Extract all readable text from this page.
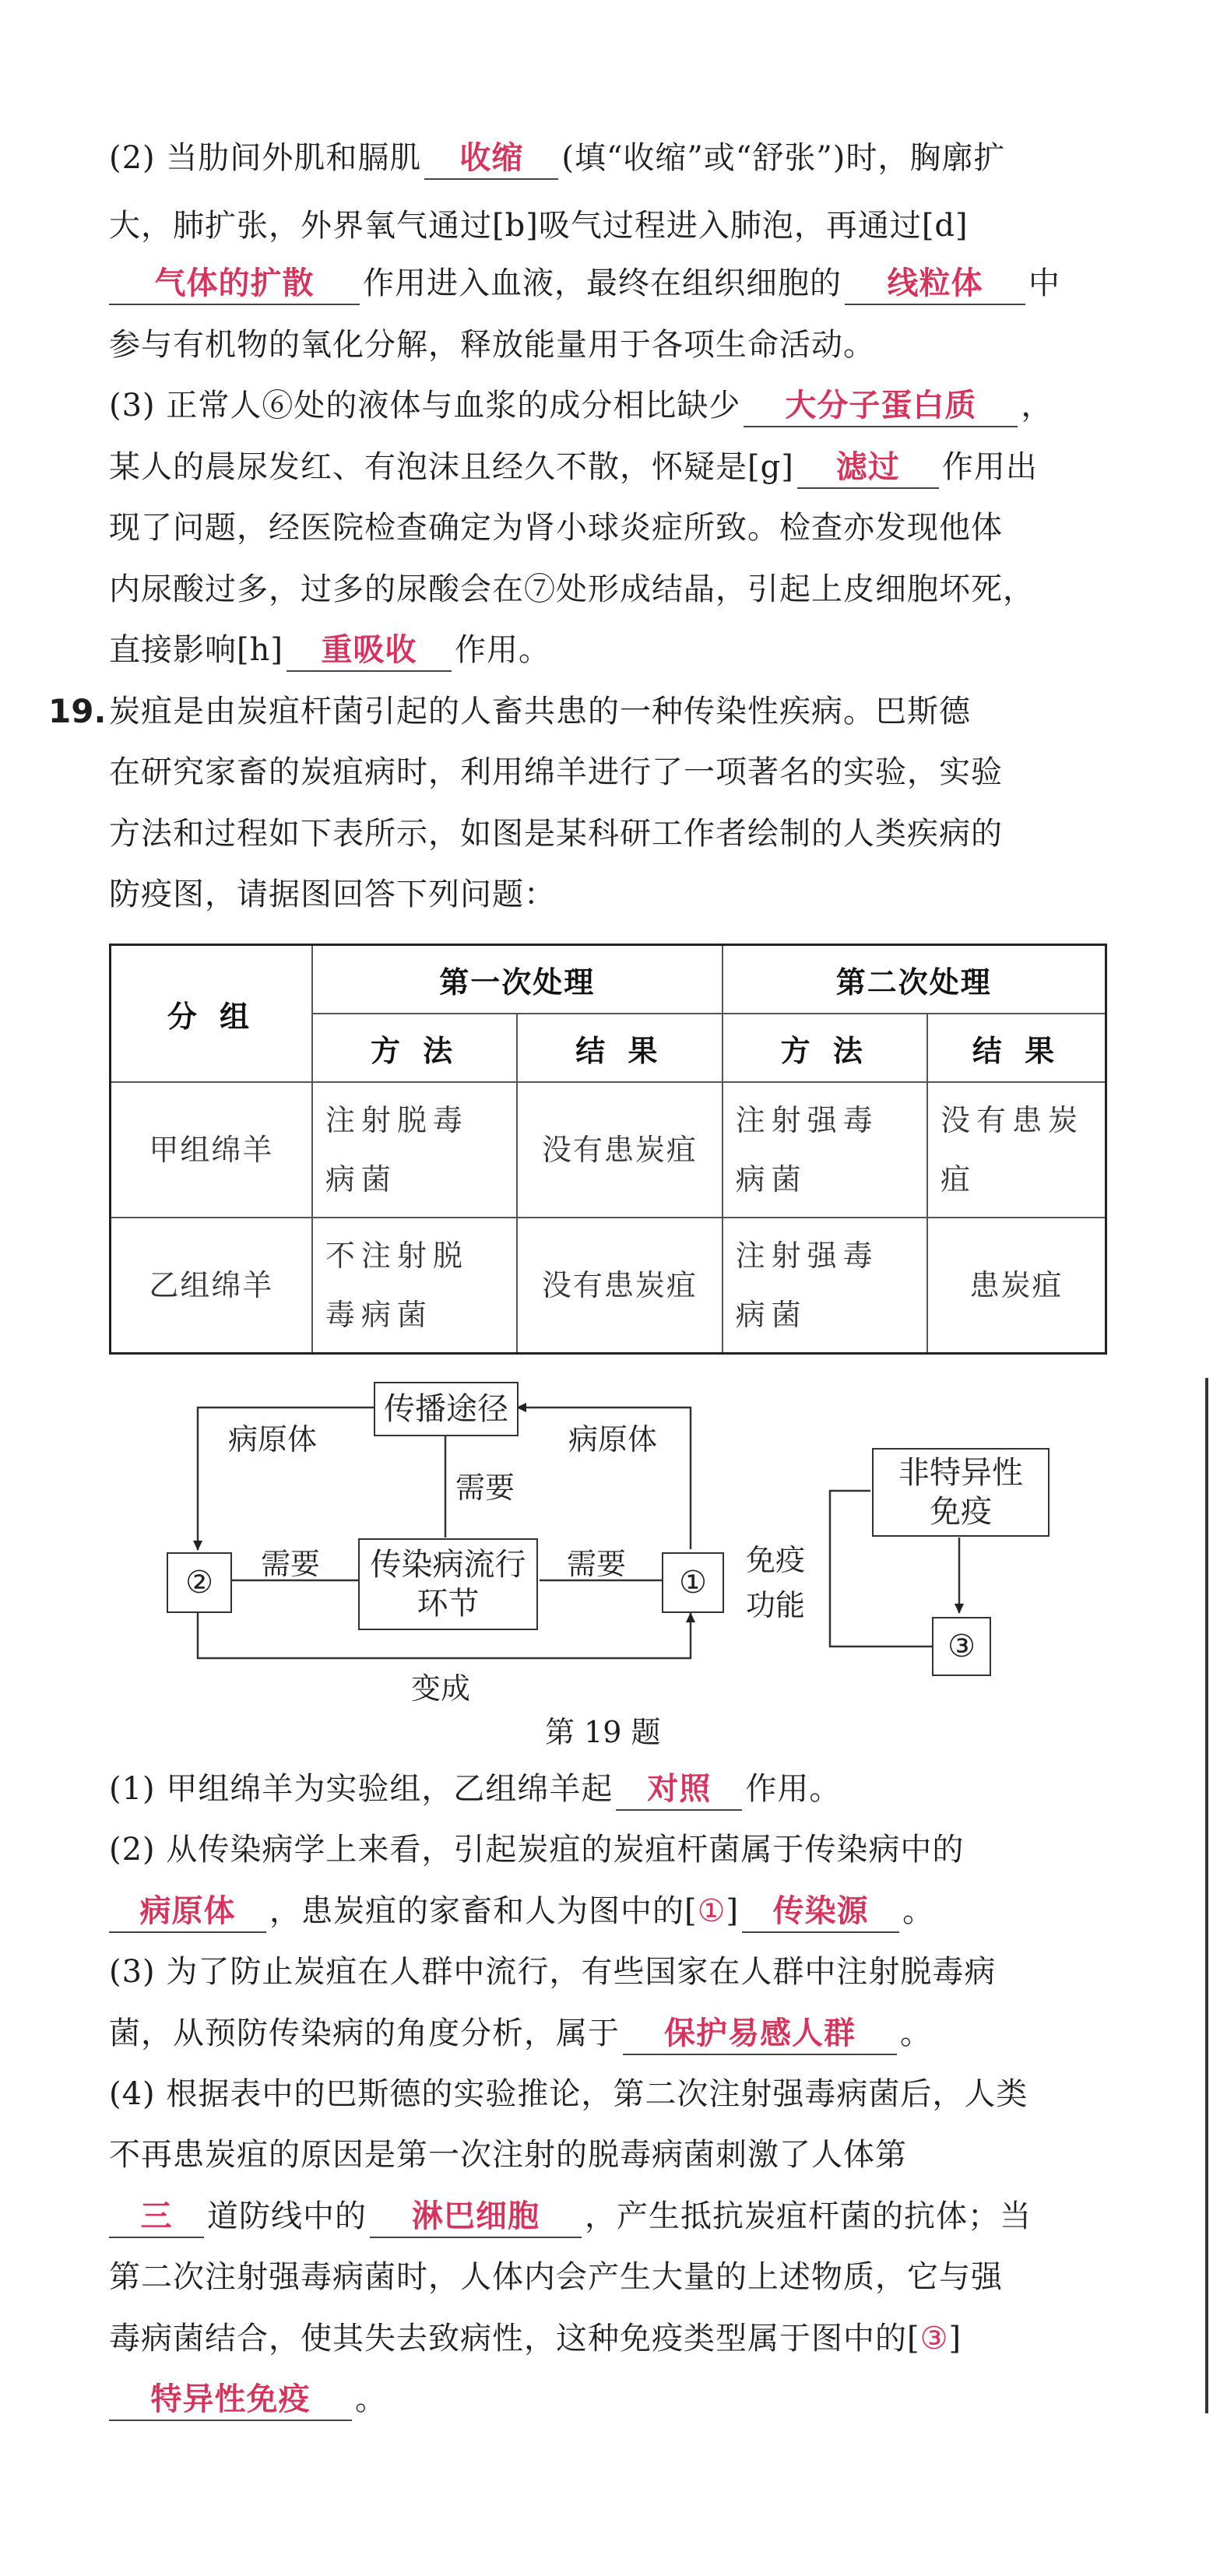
(2) 当肋间外肌和膈肌 收缩 (填“收缩”或“舒张”)时，胸廓扩
大，肺扩张，外界氧气通过[b]吸气过程进入肺泡，再通过[d]
气体的扩散 作用进入血液，最终在组织细胞的 线粒体 中
参与有机物的氧化分解，释放能量用于各项生命活动。
(3) 正常人⑥处的液体与血浆的成分相比缺少 大分子蛋白质 ，
某人的晨尿发红、有泡沫且经久不散，怀疑是[g] 滤过 作用出
现了问题，经医院检查确定为肾小球炎症所致。检查亦发现他体
内尿酸过多，过多的尿酸会在⑦处形成结晶，引起上皮细胞坏死，
直接影响[h] 重吸收 作用。
19. 炭疽是由炭疽杆菌引起的人畜共患的一种传染性疾病。巴斯德
在研究家畜的炭疽病时，利用绵羊进行了一项著名的实验，实验
方法和过程如下表所示，如图是某科研工作者绘制的人类疾病的
防疫图，请据图回答下列问题：
分 组	第一次处理		第二次处理	
	方 法	结 果	方 法	结 果
甲组绵羊	注射脱毒病菌	没有患炭疽	注射强毒病菌	没有患炭疽
乙组绵羊	不注射脱毒病菌	没有患炭疽	注射强毒病菌	患炭疽
传播途径
病原体	病原体
需要
②
需要	传染病流行环节
需要
①
免疫功能
非特异性免疫
③
变成
第 19 题
(1) 甲组绵羊为实验组，乙组绵羊起 对照 作用。
(2) 从传染病学上来看，引起炭疽的炭疽杆菌属于传染病中的
病原体 ，患炭疽的家畜和人为图中的[①] 传染源 。
(3) 为了防止炭疽在人群中流行，有些国家在人群中注射脱毒病
菌，从预防传染病的角度分析，属于 保护易感人群 。
(4) 根据表中的巴斯德的实验推论，第二次注射强毒病菌后，人类
不再患炭疽的原因是第一次注射的脱毒病菌刺激了人体第
三 道防线中的 淋巴细胞 ，产生抵抗炭疽杆菌的抗体；当
第二次注射强毒病菌时，人体内会产生大量的上述物质，它与强
毒病菌结合，使其失去致病性，这种免疫类型属于图中的[③]
特异性免疫 。
